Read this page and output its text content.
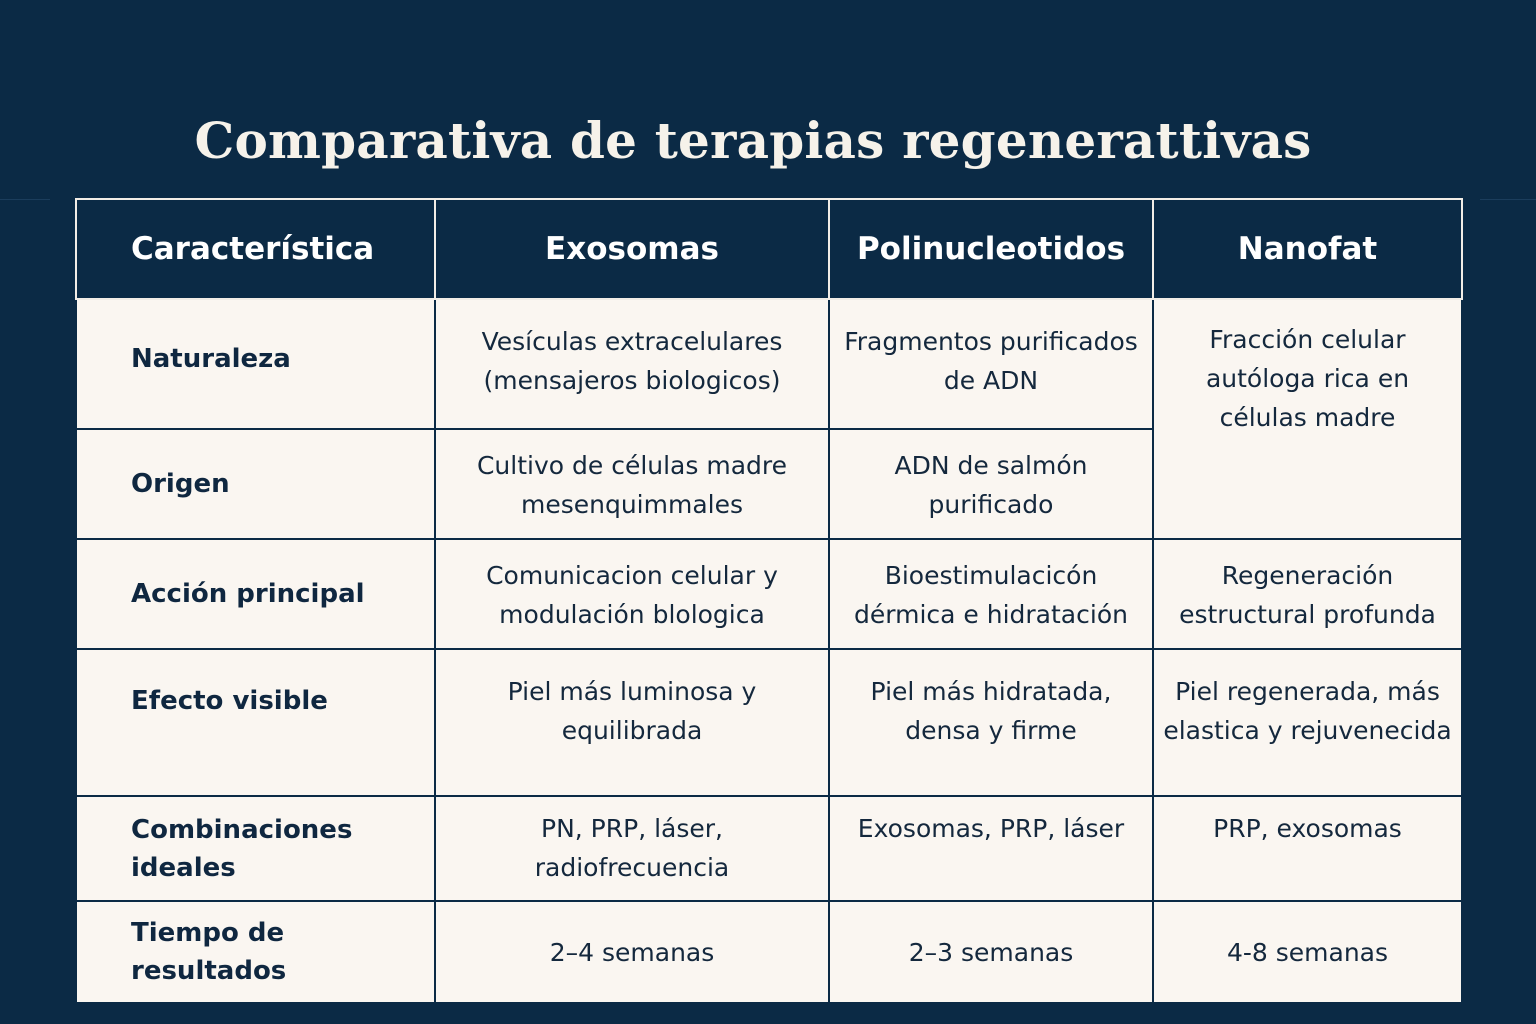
Comparativa de terapias regenerattivas
Característica	Exosomas	Polinucleotidos	Nanofat

Naturaleza	Vesículas extracelulares (mensajeros biologicos)	Fragmentos purificados de ADN	Fracción celular autóloga rica en células madre

Origen	Cultivo de células madre mesenquimmales	ADN de salmón purificado	

Acción principal	Comunicacion celular y modulación blologica	Bioestimulacicón dérmica e hidratación	Regeneración estructural profunda

Efecto visible	Piel más luminosa y equilibrada	Piel más hidratada, densa y firme	Piel regenerada, más elastica y rejuvenecida

Combinaciones ideales	PN, PRP, láser, radiofrecuencia	Exosomas, PRP, láser	PRP, exosomas

Tiempo de resultados	2–4 semanas	2–3 semanas	4-8 semanas
